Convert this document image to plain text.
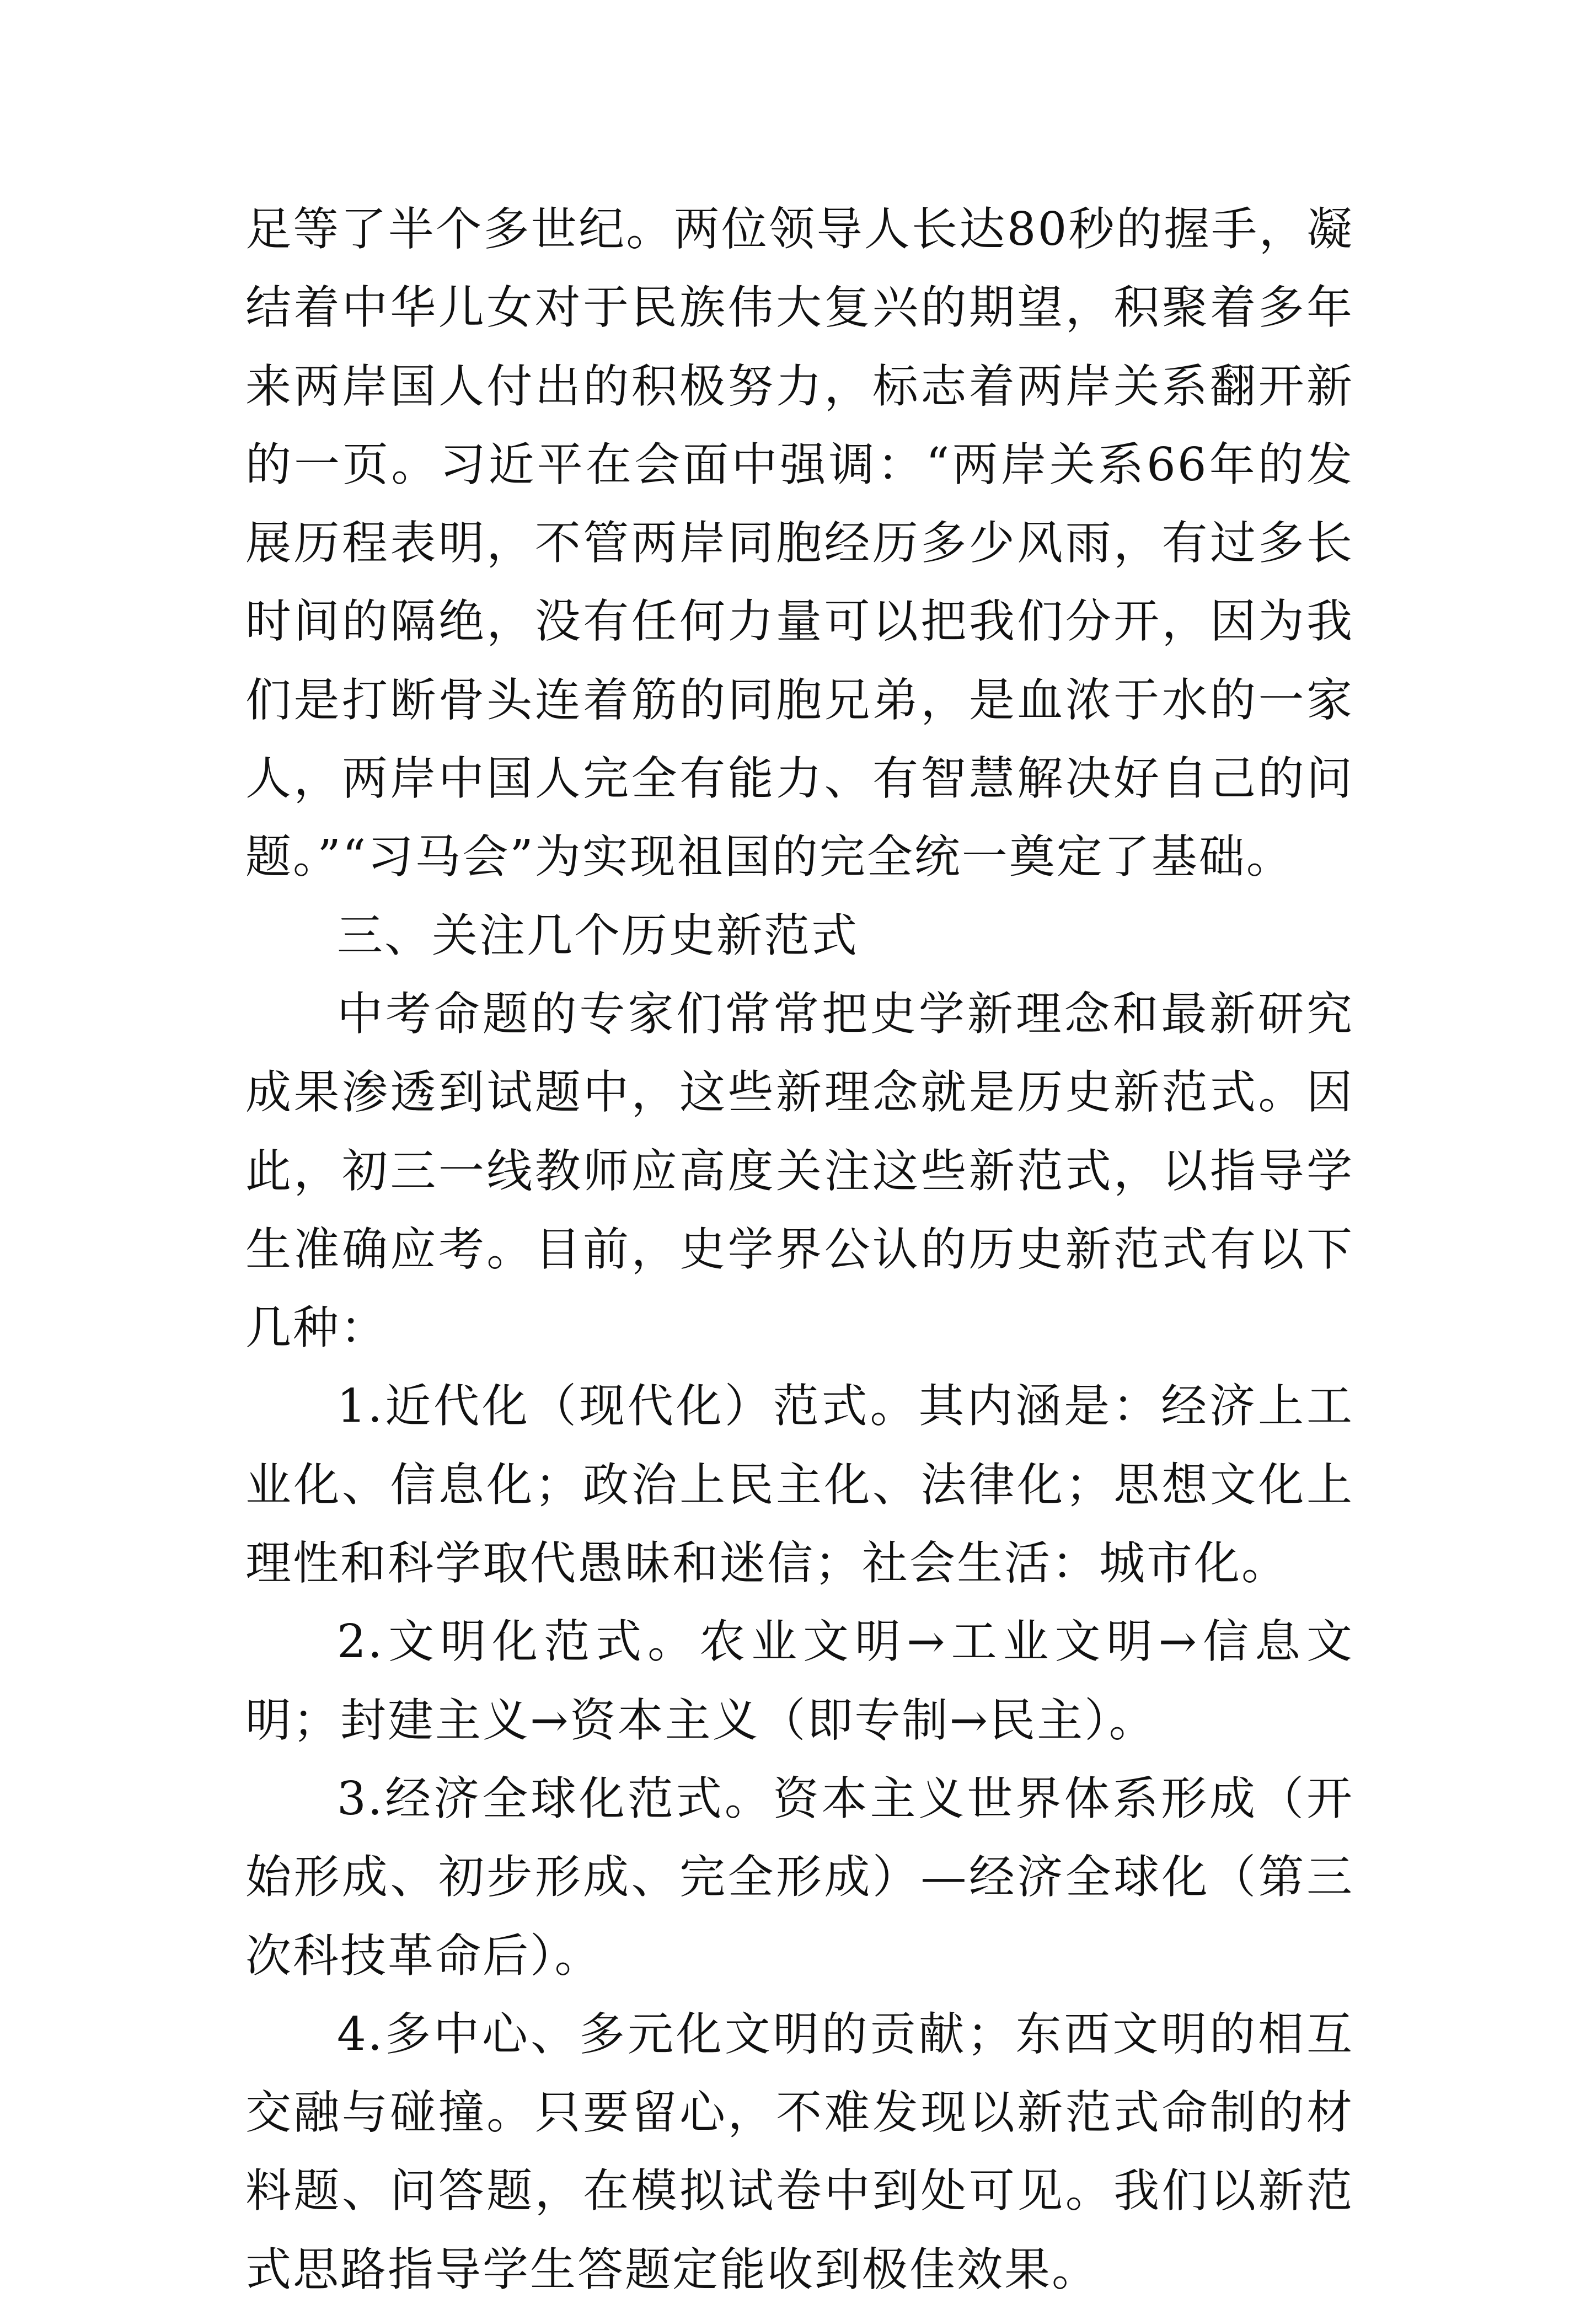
足等了半个多世纪。两位领导人长达80秒的握手，凝结着中华儿女对于民族伟大复兴的期望，积聚着多年来两岸国人付出的积极努力，标志着两岸关系翻开新的一页。习近平在会面中强调：“两岸关系66年的发展历程表明，不管两岸同胞经历多少风雨，有过多长时间的隔绝，没有任何力量可以把我们分开，因为我们是打断骨头连着筋的同胞兄弟，是血浓于水的一家人，两岸中国人完全有能力、有智慧解决好自己的问题。”“习马会”为实现祖国的完全统一奠定了基础。

三、关注几个历史新范式

中考命题的专家们常常把史学新理念和最新研究成果渗透到试题中，这些新理念就是历史新范式。因此，初三一线教师应高度关注这些新范式，以指导学生准确应考。目前，史学界公认的历史新范式有以下几种：

1.近代化（现代化）范式。其内涵是：经济上工业化、信息化；政治上民主化、法律化；思想文化上理性和科学取代愚昧和迷信；社会生活：城市化。

2.文明化范式。农业文明→工业文明→信息文明；封建主义→资本主义（即专制→民主）。

3.经济全球化范式。资本主义世界体系形成（开始形成、初步形成、完全形成）—经济全球化（第三次科技革命后）。

4.多中心、多元化文明的贡献；东西文明的相互交融与碰撞。只要留心，不难发现以新范式命制的材料题、问答题，在模拟试卷中到处可见。我们以新范式思路指导学生答题定能收到极佳效果。
